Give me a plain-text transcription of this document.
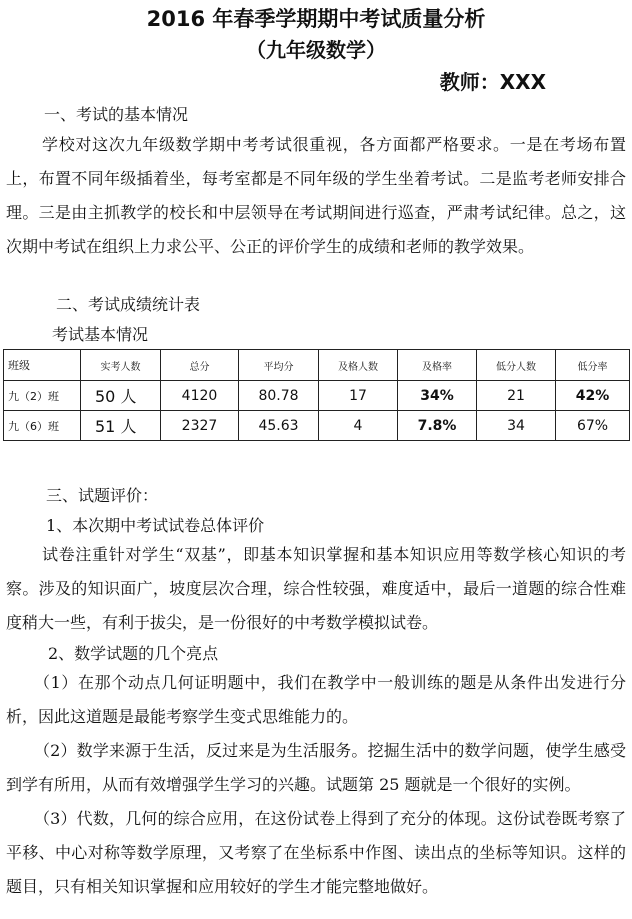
2016 年春季学期期中考试质量分析
（九年级数学）
教师：XXX
一、考试的基本情况

学校对这次九年级数学期中考考试很重视，各方面都严格要求。一是在考场布置上，布置不同年级插着坐，每考室都是不同年级的学生坐着考试。二是监考老师安排合理。三是由主抓教学的校长和中层领导在考试期间进行巡查，严肃考试纪律。总之，这次期中考试在组织上力求公平、公正的评价学生的成绩和老师的教学效果。

二、考试成绩统计表
考试基本情况
班级	实考人数	总分	平均分	及格人数	及格率	低分人数	低分率
九（2）班	50 人	4120	80.78	17	34%	21	42%
九（6）班	51 人	2327	45.63	4	7.8%	34	67%
三、试题评价：
1、本次期中考试试卷总体评价

试卷注重针对学生“双基”，即基本知识掌握和基本知识应用等数学核心知识的考察。涉及的知识面广，坡度层次合理，综合性较强，难度适中，最后一道题的综合性难度稍大一些，有利于拔尖，是一份很好的中考数学模拟试卷。

2、数学试题的几个亮点

（1）在那个动点几何证明题中，我们在教学中一般训练的题是从条件出发进行分析，因此这道题是最能考察学生变式思维能力的。

（2）数学来源于生活，反过来是为生活服务。挖掘生活中的数学问题，使学生感受到学有所用，从而有效增强学生学习的兴趣。试题第 25 题就是一个很好的实例。

（3）代数，几何的综合应用，在这份试卷上得到了充分的体现。这份试卷既考察了平移、中心对称等数学原理，又考察了在坐标系中作图、读出点的坐标等知识。这样的题目，只有相关知识掌握和应用较好的学生才能完整地做好。
